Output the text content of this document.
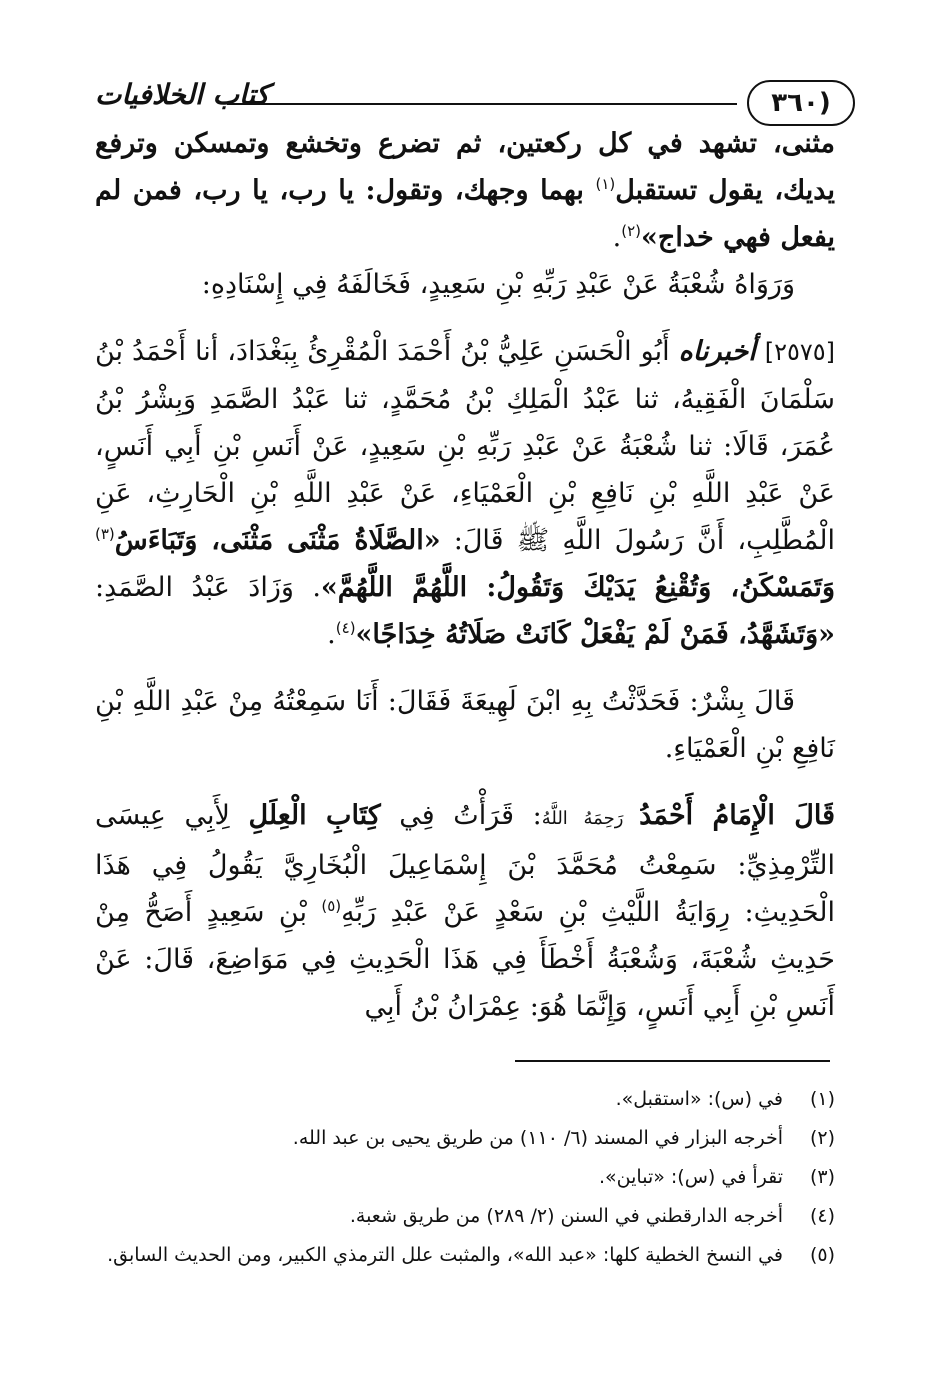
(٣٦٠
كتاب الخلافيات

مثنى، تشهد في كل ركعتين، ثم تضرع وتخشع وتمسكن وترفع يديك، يقول تستقبل$^{(١)}$ بهما وجهك، وتقول: يا رب، يا رب، فمن لم يفعل فهي خداج»$^{(٢)}$.

وَرَوَاهُ شُعْبَةُ عَنْ عَبْدِ رَبِّهِ بْنِ سَعِيدٍ، فَخَالَفَهُ فِي إِسْنَادِهِ:

[٢٥٧٥] أخبرناه أَبُو الْحَسَنِ عَلِيُّ بْنُ أَحْمَدَ الْمُقْرِئُ بِبَغْدَادَ، أنا أَحْمَدُ بْنُ سَلْمَانَ الْفَقِيهُ، ثنا عَبْدُ الْمَلِكِ بْنُ مُحَمَّدٍ، ثنا عَبْدُ الصَّمَدِ وَبِشْرُ بْنُ عُمَرَ، قَالَا: ثنا شُعْبَةُ عَنْ عَبْدِ رَبِّهِ بْنِ سَعِيدٍ، عَنْ أَنَسِ بْنِ أَبِي أَنَسٍ، عَنْ عَبْدِ اللَّهِ بْنِ نَافِعِ بْنِ الْعَمْيَاءِ، عَنْ عَبْدِ اللَّهِ بْنِ الْحَارِثِ، عَنِ الْمُطَّلِبِ، أَنَّ رَسُولَ اللَّهِ ﷺ قَالَ: «الصَّلَاةُ مَثْنَى مَثْنَى، وَتَبَاءَسُ$^{(٣)}$ وَتَمَسْكَنُ، وَتُقْنِعُ يَدَيْكَ وَتَقُولُ: اللَّهُمَّ اللَّهُمَّ». وَزَادَ عَبْدُ الصَّمَدِ: «وَتَشَهَّدُ، فَمَنْ لَمْ يَفْعَلْ كَانَتْ صَلَاتُهُ خِدَاجًا»$^{(٤)}$.

قَالَ بِشْرٌ: فَحَدَّثْتُ بِهِ ابْنَ لَهِيعَةَ فَقَالَ: أَنَا سَمِعْتُهُ مِنْ عَبْدِ اللَّهِ بْنِ نَافِعِ بْنِ الْعَمْيَاءِ.

قَالَ الْإِمَامُ أَحْمَدُ رَحِمَهُ اللَّهُ: قَرَأْتُ فِي كِتَابِ الْعِلَلِ لِأَبِي عِيسَى التِّرْمِذِيِّ: سَمِعْتُ مُحَمَّدَ بْنَ إِسْمَاعِيلَ الْبُخَارِيَّ يَقُولُ فِي هَذَا الْحَدِيثِ: رِوَايَةُ اللَّيْثِ بْنِ سَعْدٍ عَنْ عَبْدِ رَبِّهِ$^{(٥)}$ بْنِ سَعِيدٍ أَصَحُّ مِنْ حَدِيثِ شُعْبَةَ، وَشُعْبَةُ أَخْطَأَ فِي هَذَا الْحَدِيثِ فِي مَوَاضِعَ، قَالَ: عَنْ أَنَسِ بْنِ أَبِي أَنَسٍ، وَإِنَّمَا هُوَ: عِمْرَانُ بْنُ أَبِي

(١)
في (س): «استقبل».
(٢)
أخرجه البزار في المسند (٦/ ١١٠) من طريق يحيى بن عبد الله.
(٣)
تقرأ في (س): «تباين».
(٤)
أخرجه الدارقطني في السنن (٢/ ٢٨٩) من طريق شعبة.
(٥)
في النسخ الخطية كلها: «عبد الله»، والمثبت علل الترمذي الكبير، ومن الحديث السابق.
